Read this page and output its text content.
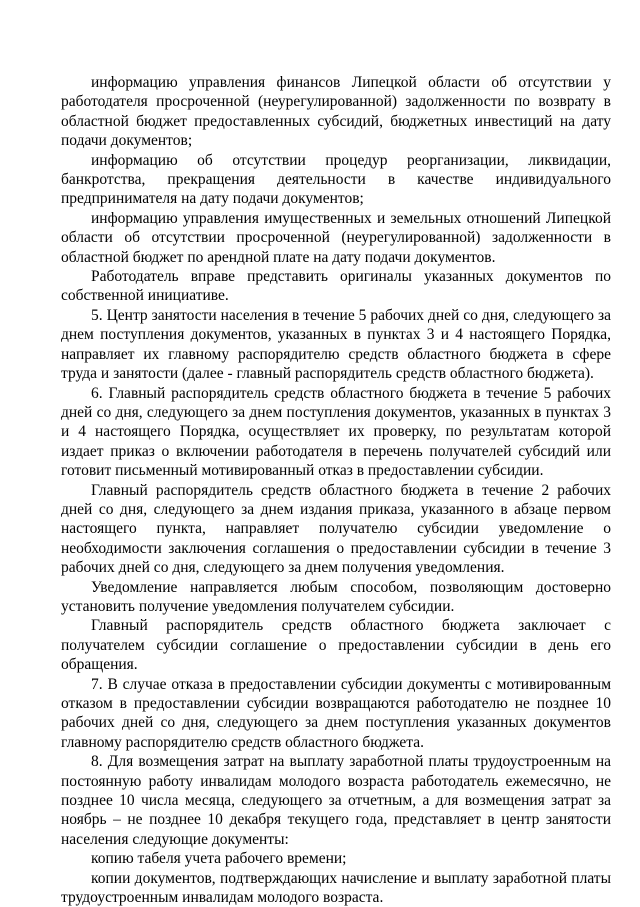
информацию управления финансов Липецкой области об отсутствии у работодателя просроченной (неурегулированной) задолженности по возврату в областной бюджет предоставленных субсидий, бюджетных инвестиций на дату подачи документов;

информацию об отсутствии процедур реорганизации, ликвидации, банкротства, прекращения деятельности в качестве индивидуального предпринимателя на дату подачи документов;

информацию управления имущественных и земельных отношений Липецкой области об отсутствии просроченной (неурегулированной) задолженности в областной бюджет по арендной плате на дату подачи документов.

Работодатель вправе представить оригиналы указанных документов по собственной инициативе.

5. Центр занятости населения в течение 5 рабочих дней со дня, следующего за днем поступления документов, указанных в пунктах 3 и 4 настоящего Порядка, направляет их главному распорядителю средств областного бюджета в сфере труда и занятости (далее - главный распорядитель средств областного бюджета).

6. Главный распорядитель средств областного бюджета в течение 5 рабочих дней со дня, следующего за днем поступления документов, указанных в пунктах 3 и 4 настоящего Порядка, осуществляет их проверку, по результатам которой издает приказ о включении работодателя в перечень получателей субсидий или готовит письменный мотивированный отказ в предоставлении субсидии.

Главный распорядитель средств областного бюджета в течение 2 рабочих дней со дня, следующего за днем издания приказа, указанного в абзаце первом настоящего пункта, направляет получателю субсидии уведомление о необходимости заключения соглашения о предоставлении субсидии в течение 3 рабочих дней со дня, следующего за днем получения уведомления.

Уведомление направляется любым способом, позволяющим достоверно установить получение уведомления получателем субсидии.

Главный распорядитель средств областного бюджета заключает с получателем субсидии соглашение о предоставлении субсидии в день его обращения.

7. В случае отказа в предоставлении субсидии документы с мотивированным отказом в предоставлении субсидии возвращаются работодателю не позднее 10 рабочих дней со дня, следующего за днем поступления указанных документов главному распорядителю средств областного бюджета.

8. Для возмещения затрат на выплату заработной платы трудоустроенным на постоянную работу инвалидам молодого возраста работодатель ежемесячно, не позднее 10 числа месяца, следующего за отчетным, а для возмещения затрат за ноябрь – не позднее 10 декабря текущего года, представляет в центр занятости населения следующие документы:

копию табеля учета рабочего времени;

копии документов, подтверждающих начисление и выплату заработной платы трудоустроенным инвалидам молодого возраста.
